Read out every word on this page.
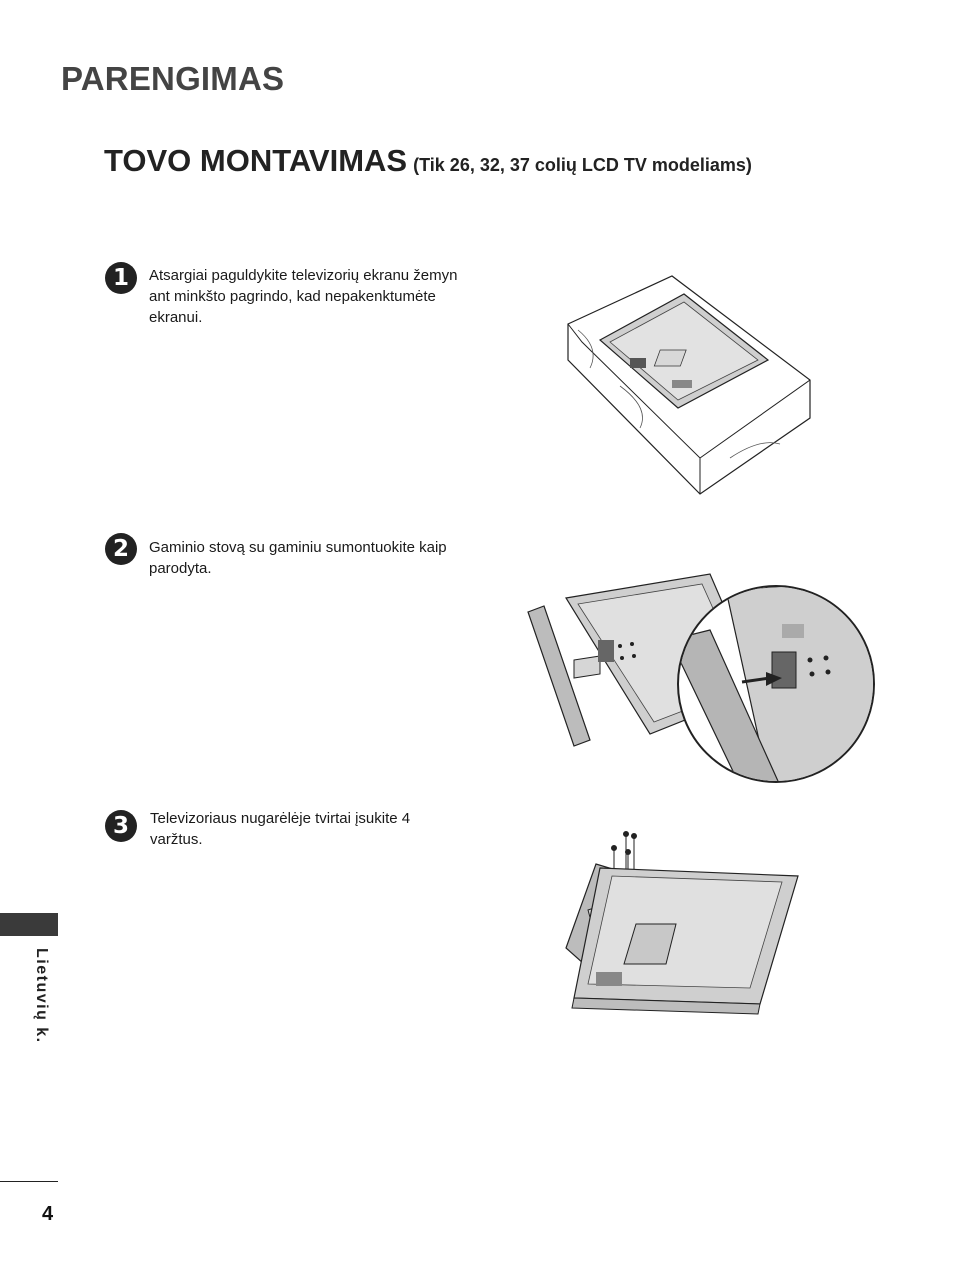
PARENGIMAS
TOVO MONTAVIMAS (Tik 26, 32, 37 colių LCD TV modeliams)
1	Atsargiai paguldykite televizorių ekranu žemyn ant minkšto pagrindo, kad nepakenktumėte ekranui.
2	Gaminio stovą su gaminiu sumontuokite kaip parodyta.
3	Televizoriaus nugarėlėje tvirtai įsukite 4 varžtus.
Lietuvių k.
4
